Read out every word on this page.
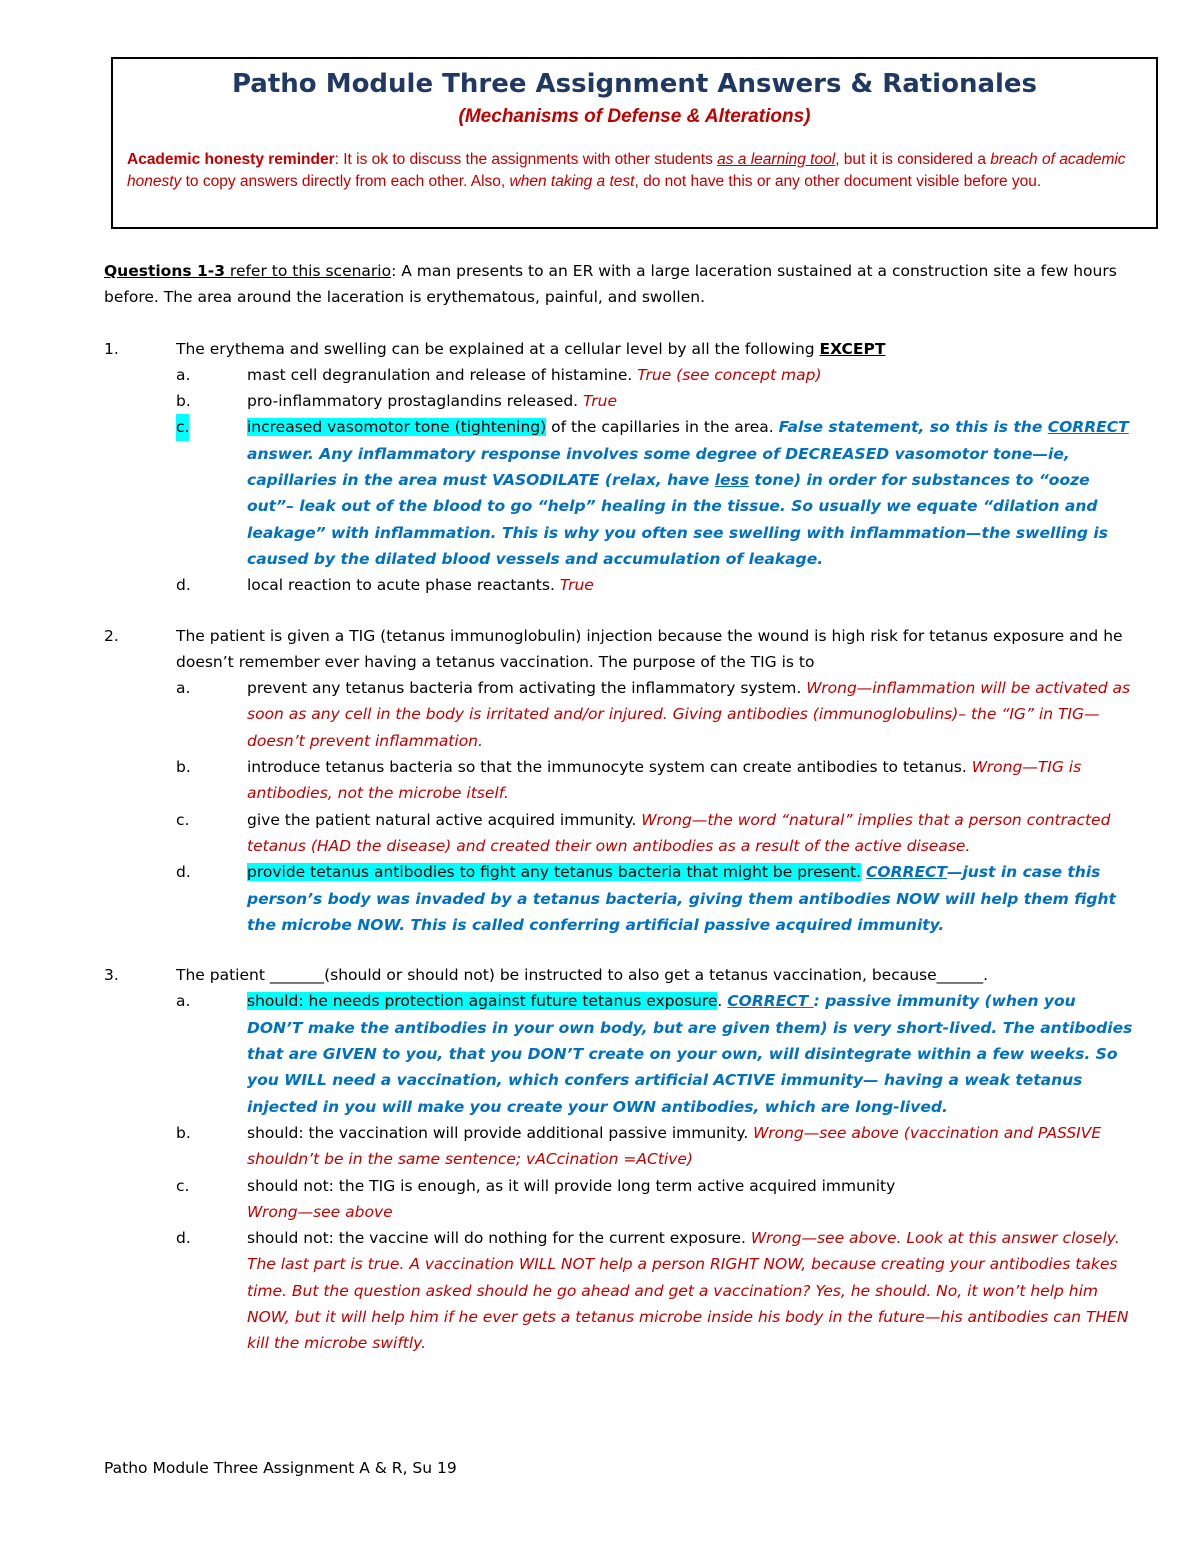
Patho Module Three Assignment Answers & Rationales
(Mechanisms of Defense & Alterations)
Academic honesty reminder: It is ok to discuss the assignments with other students as a learning tool, but it is considered a breach of academic honesty to copy answers directly from each other. Also, when taking a test, do not have this or any other document visible before you.

Questions 1-3 refer to this scenario: A man presents to an ER with a large laceration sustained at a construction site a few hours before. The area around the laceration is erythematous, painful, and swollen.

1.	The erythema and swelling can be explained at a cellular level by all the following EXCEPT

a.	mast cell degranulation and release of histamine. True (see concept map)

b.	pro-inflammatory prostaglandins released. True

c.	increased vasomotor tone (tightening) of the capillaries in the area. False statement, so this is the CORRECT answer. Any inflammatory response involves some degree of DECREASED vasomotor tone—ie, capillaries in the area must VASODILATE (relax, have less tone) in order for substances to “ooze out”– leak out of the blood to go “help” healing in the tissue. So usually we equate “dilation and leakage” with inflammation. This is why you often see swelling with inflammation—the swelling is caused by the dilated blood vessels and accumulation of leakage.

d.	local reaction to acute phase reactants. True

2.	The patient is given a TIG (tetanus immunoglobulin) injection because the wound is high risk for tetanus exposure and he doesn’t remember ever having a tetanus vaccination. The purpose of the TIG is to

a.	prevent any tetanus bacteria from activating the inflammatory system. Wrong—inflammation will be activated as soon as any cell in the body is irritated and/or injured. Giving antibodies (immunoglobulins)– the “IG” in TIG—doesn’t prevent inflammation.

b.	introduce tetanus bacteria so that the immunocyte system can create antibodies to tetanus. Wrong—TIG is antibodies, not the microbe itself.

c.	give the patient natural active acquired immunity. Wrong—the word “natural” implies that a person contracted tetanus (HAD the disease) and created their own antibodies as a result of the active disease.

d.	provide tetanus antibodies to fight any tetanus bacteria that might be present. CORRECT—just in case this person’s body was invaded by a tetanus bacteria, giving them antibodies NOW will help them fight the microbe NOW. This is called conferring artificial passive acquired immunity.

3.	The patient _______(should or should not) be instructed to also get a tetanus vaccination, because______.

a.	should: he needs protection against future tetanus exposure. CORRECT : passive immunity (when you DON’T make the antibodies in your own body, but are given them) is very short-lived. The antibodies that are GIVEN to you, that you DON’T create on your own, will disintegrate within a few weeks. So you WILL need a vaccination, which confers artificial ACTIVE immunity— having a weak tetanus injected in you will make you create your OWN antibodies, which are long-lived.

b.	should: the vaccination will provide additional passive immunity. Wrong—see above (vaccination and PASSIVE shouldn’t be in the same sentence; vACcination =ACtive)

c.	should not: the TIG is enough, as it will provide long term active acquired immunity
Wrong—see above

d.	should not: the vaccine will do nothing for the current exposure. Wrong—see above. Look at this answer closely. The last part is true. A vaccination WILL NOT help a person RIGHT NOW, because creating your antibodies takes time. But the question asked should he go ahead and get a vaccination? Yes, he should. No, it won’t help him NOW, but it will help him if he ever gets a tetanus microbe inside his body in the future—his antibodies can THEN kill the microbe swiftly.

Patho Module Three Assignment A & R, Su 19
